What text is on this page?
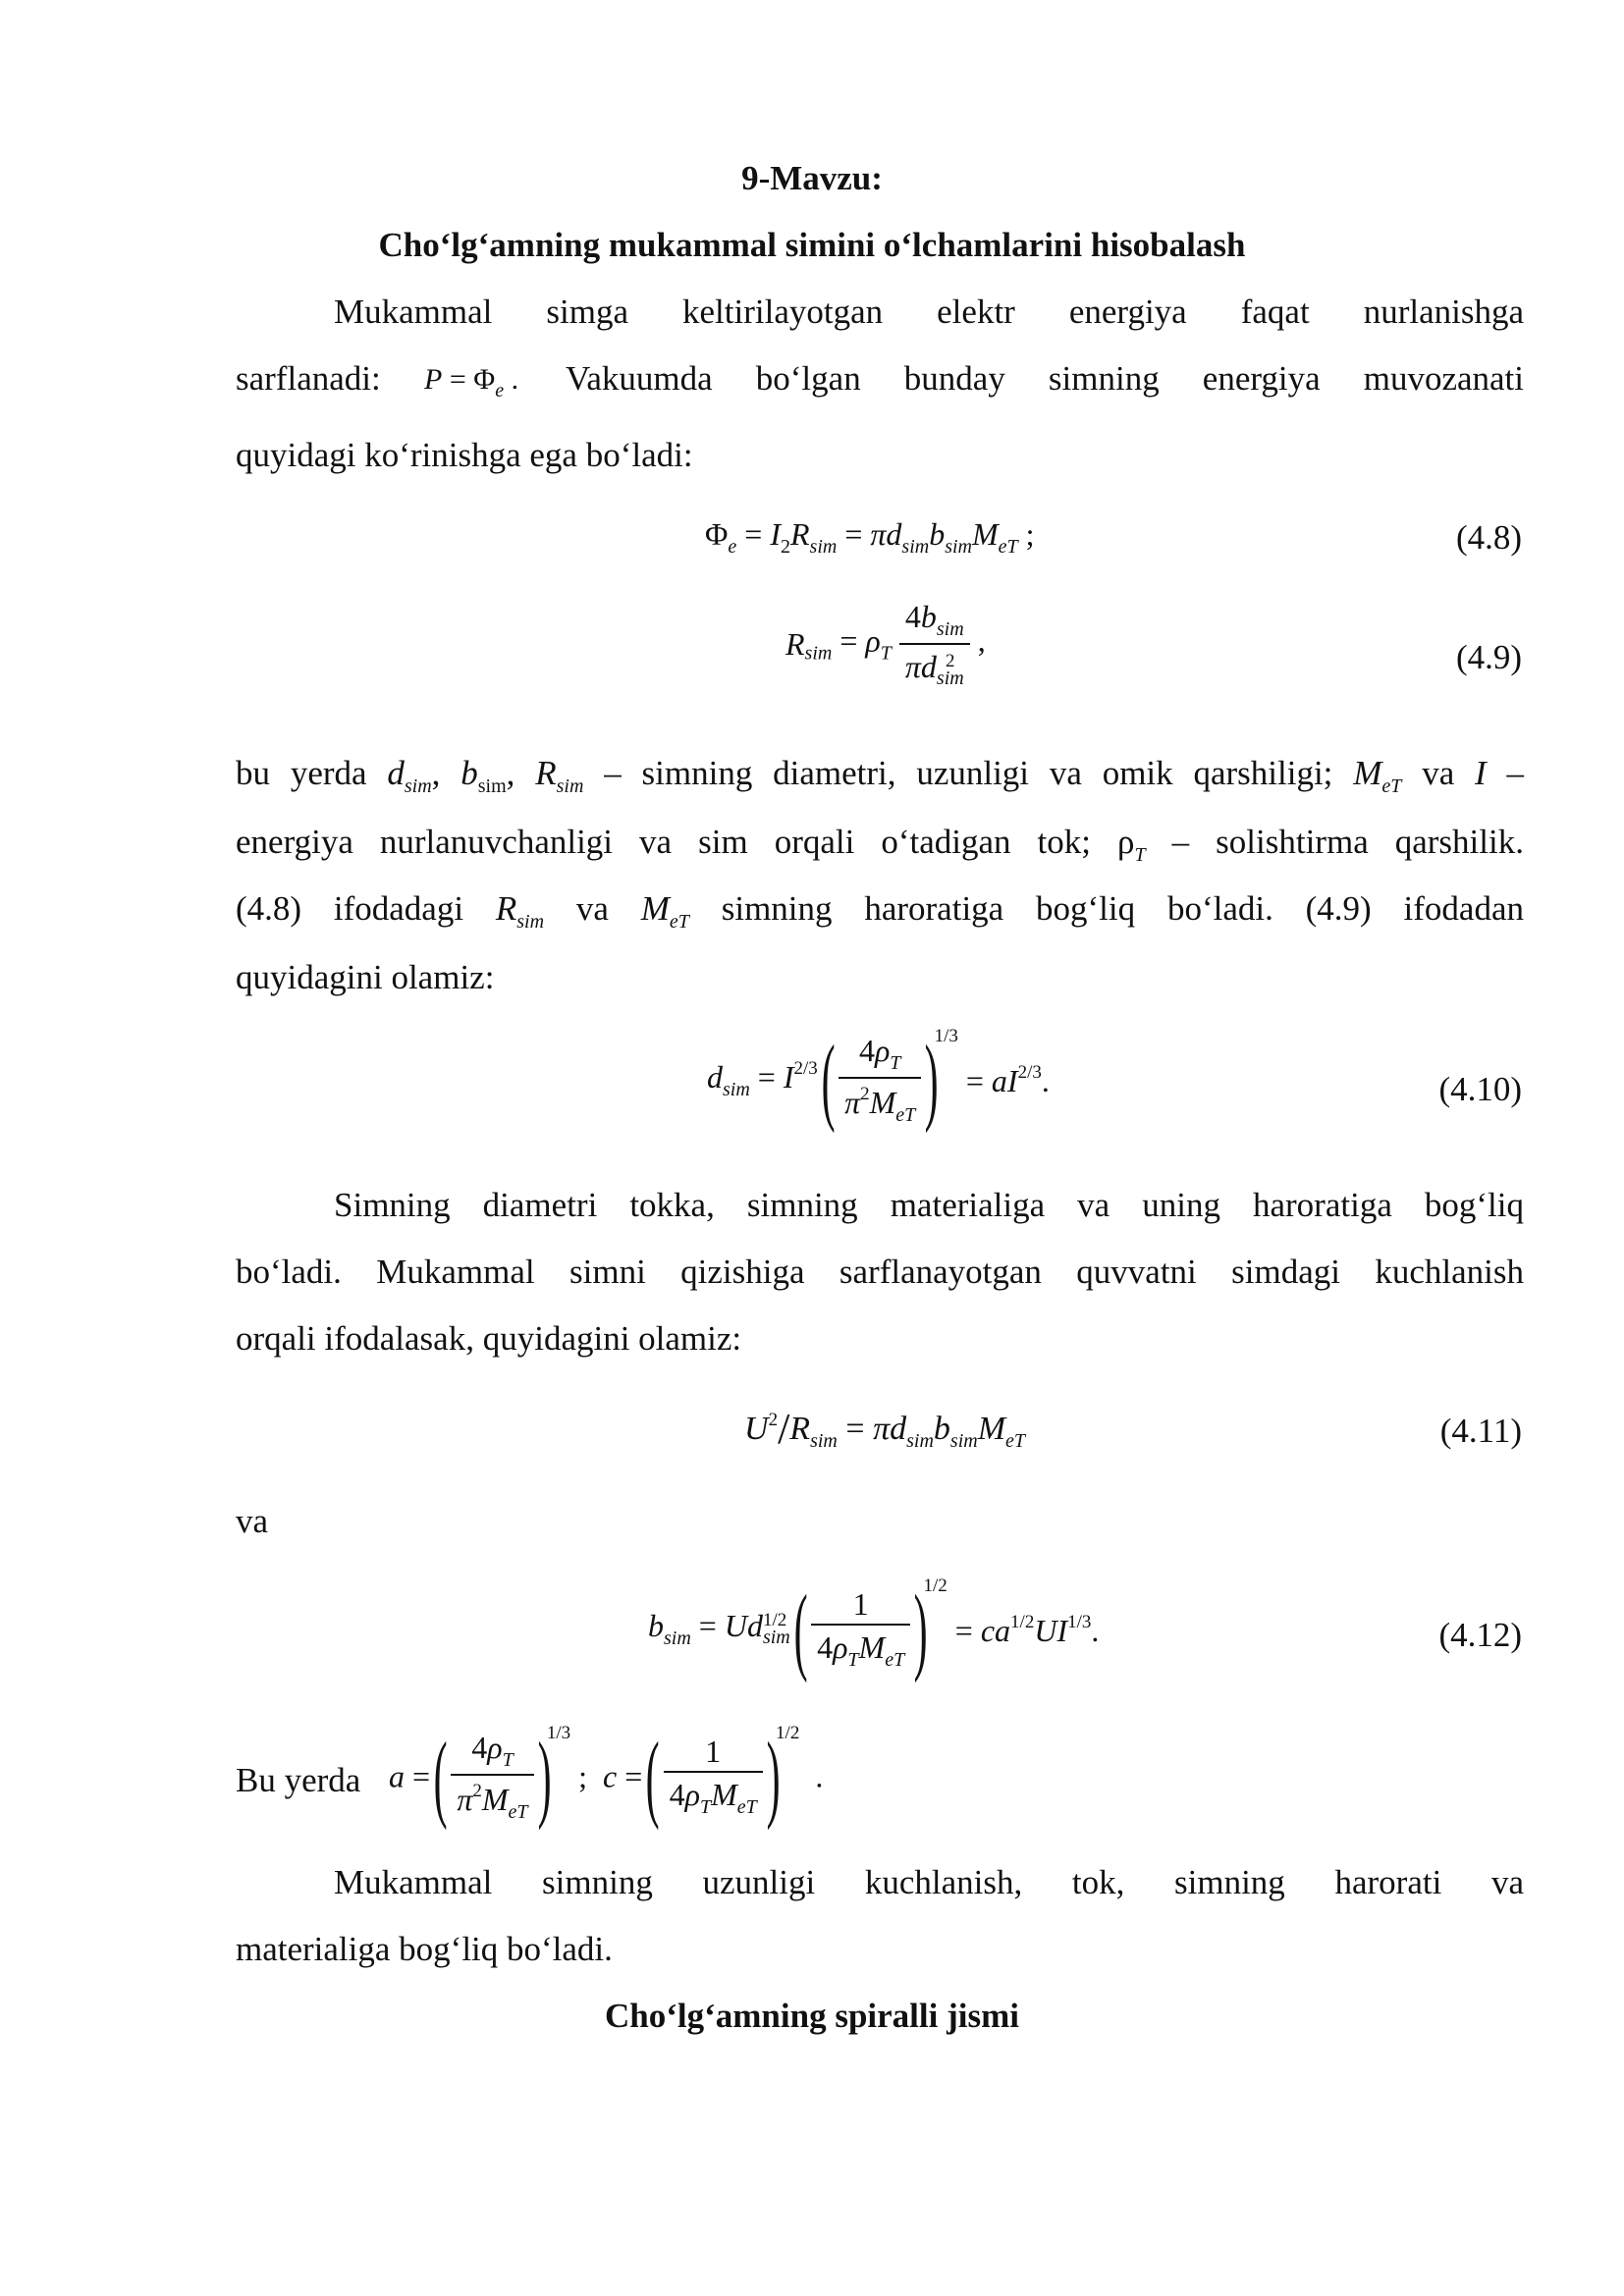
9-Mavzu:
Cho‘lg‘amning mukammal simini o‘lchamlarini hisobalash
Mukammal simga keltirilayotgan elektr energiya faqat nurlanishga
sarflanadi: $P = \Phi_e$ . Vakuumda bo‘lgan bunday simning energiya muvozanati
quyidagi ko‘rinishga ega bo‘ladi:
$\Phi_e = I_2R_{sim} = \pi d_{sim}b_{sim}M_{eT}$ ;	(4.8)
$R_{sim} = \rho_T$ $4b_{sim}$
πd 2
sim ,	(4.9)
bu yerda $d_{sim}$, $b_{sim}$, $R_{sim}$ – simning diametri, uzunligi va omik qarshiligi; $M_{eT}$ va I –
energiya nurlanuvchanligi va sim orqali o‘tadigan tok; $\rho_T$ – solishtirma qarshilik.
(4.8) ifodadagi $R_{sim}$ va $M_{eT}$ simning haroratiga bog‘liq bo‘ladi. (4.9) ifodadan
quyidagini olamiz:
$d_{sim} = I^{2/3}$ ( $\frac{4\rho_T}{\pi^2M_{eT}} )^{1/3} = aI^{2/3}$.	(4.10)
Simning diametri tokka, simning materialiga va uning haroratiga bog‘liq
bo‘ladi. Mukammal simni qizishiga sarflanayotgan quvvatni simdagi kuchlanish
orqali ifodalasak, quyidagini olamiz:
$U^2/R_{sim} = \pi d_{sim}b_{sim}M_{eT}$	(4.11)
va
$b_{sim} = Ud$ 1/2
sim ( $\frac{1}{4\rho_TM_{eT}} )^{1/2} = ca^{1/2}UI^{1/3}$.	(4.12)
Bu yerda a = ( $\frac{4\rho_T}{\pi^2M_{eT}} )^{1/3}$ ;  c = ( $\frac{1}{4\rho_TM_{eT}} )^{1/2}$  .
Mukammal simning uzunligi kuchlanish, tok, simning harorati va
materialiga bog‘liq bo‘ladi.
Cho‘lg‘amning spiralli jismi
